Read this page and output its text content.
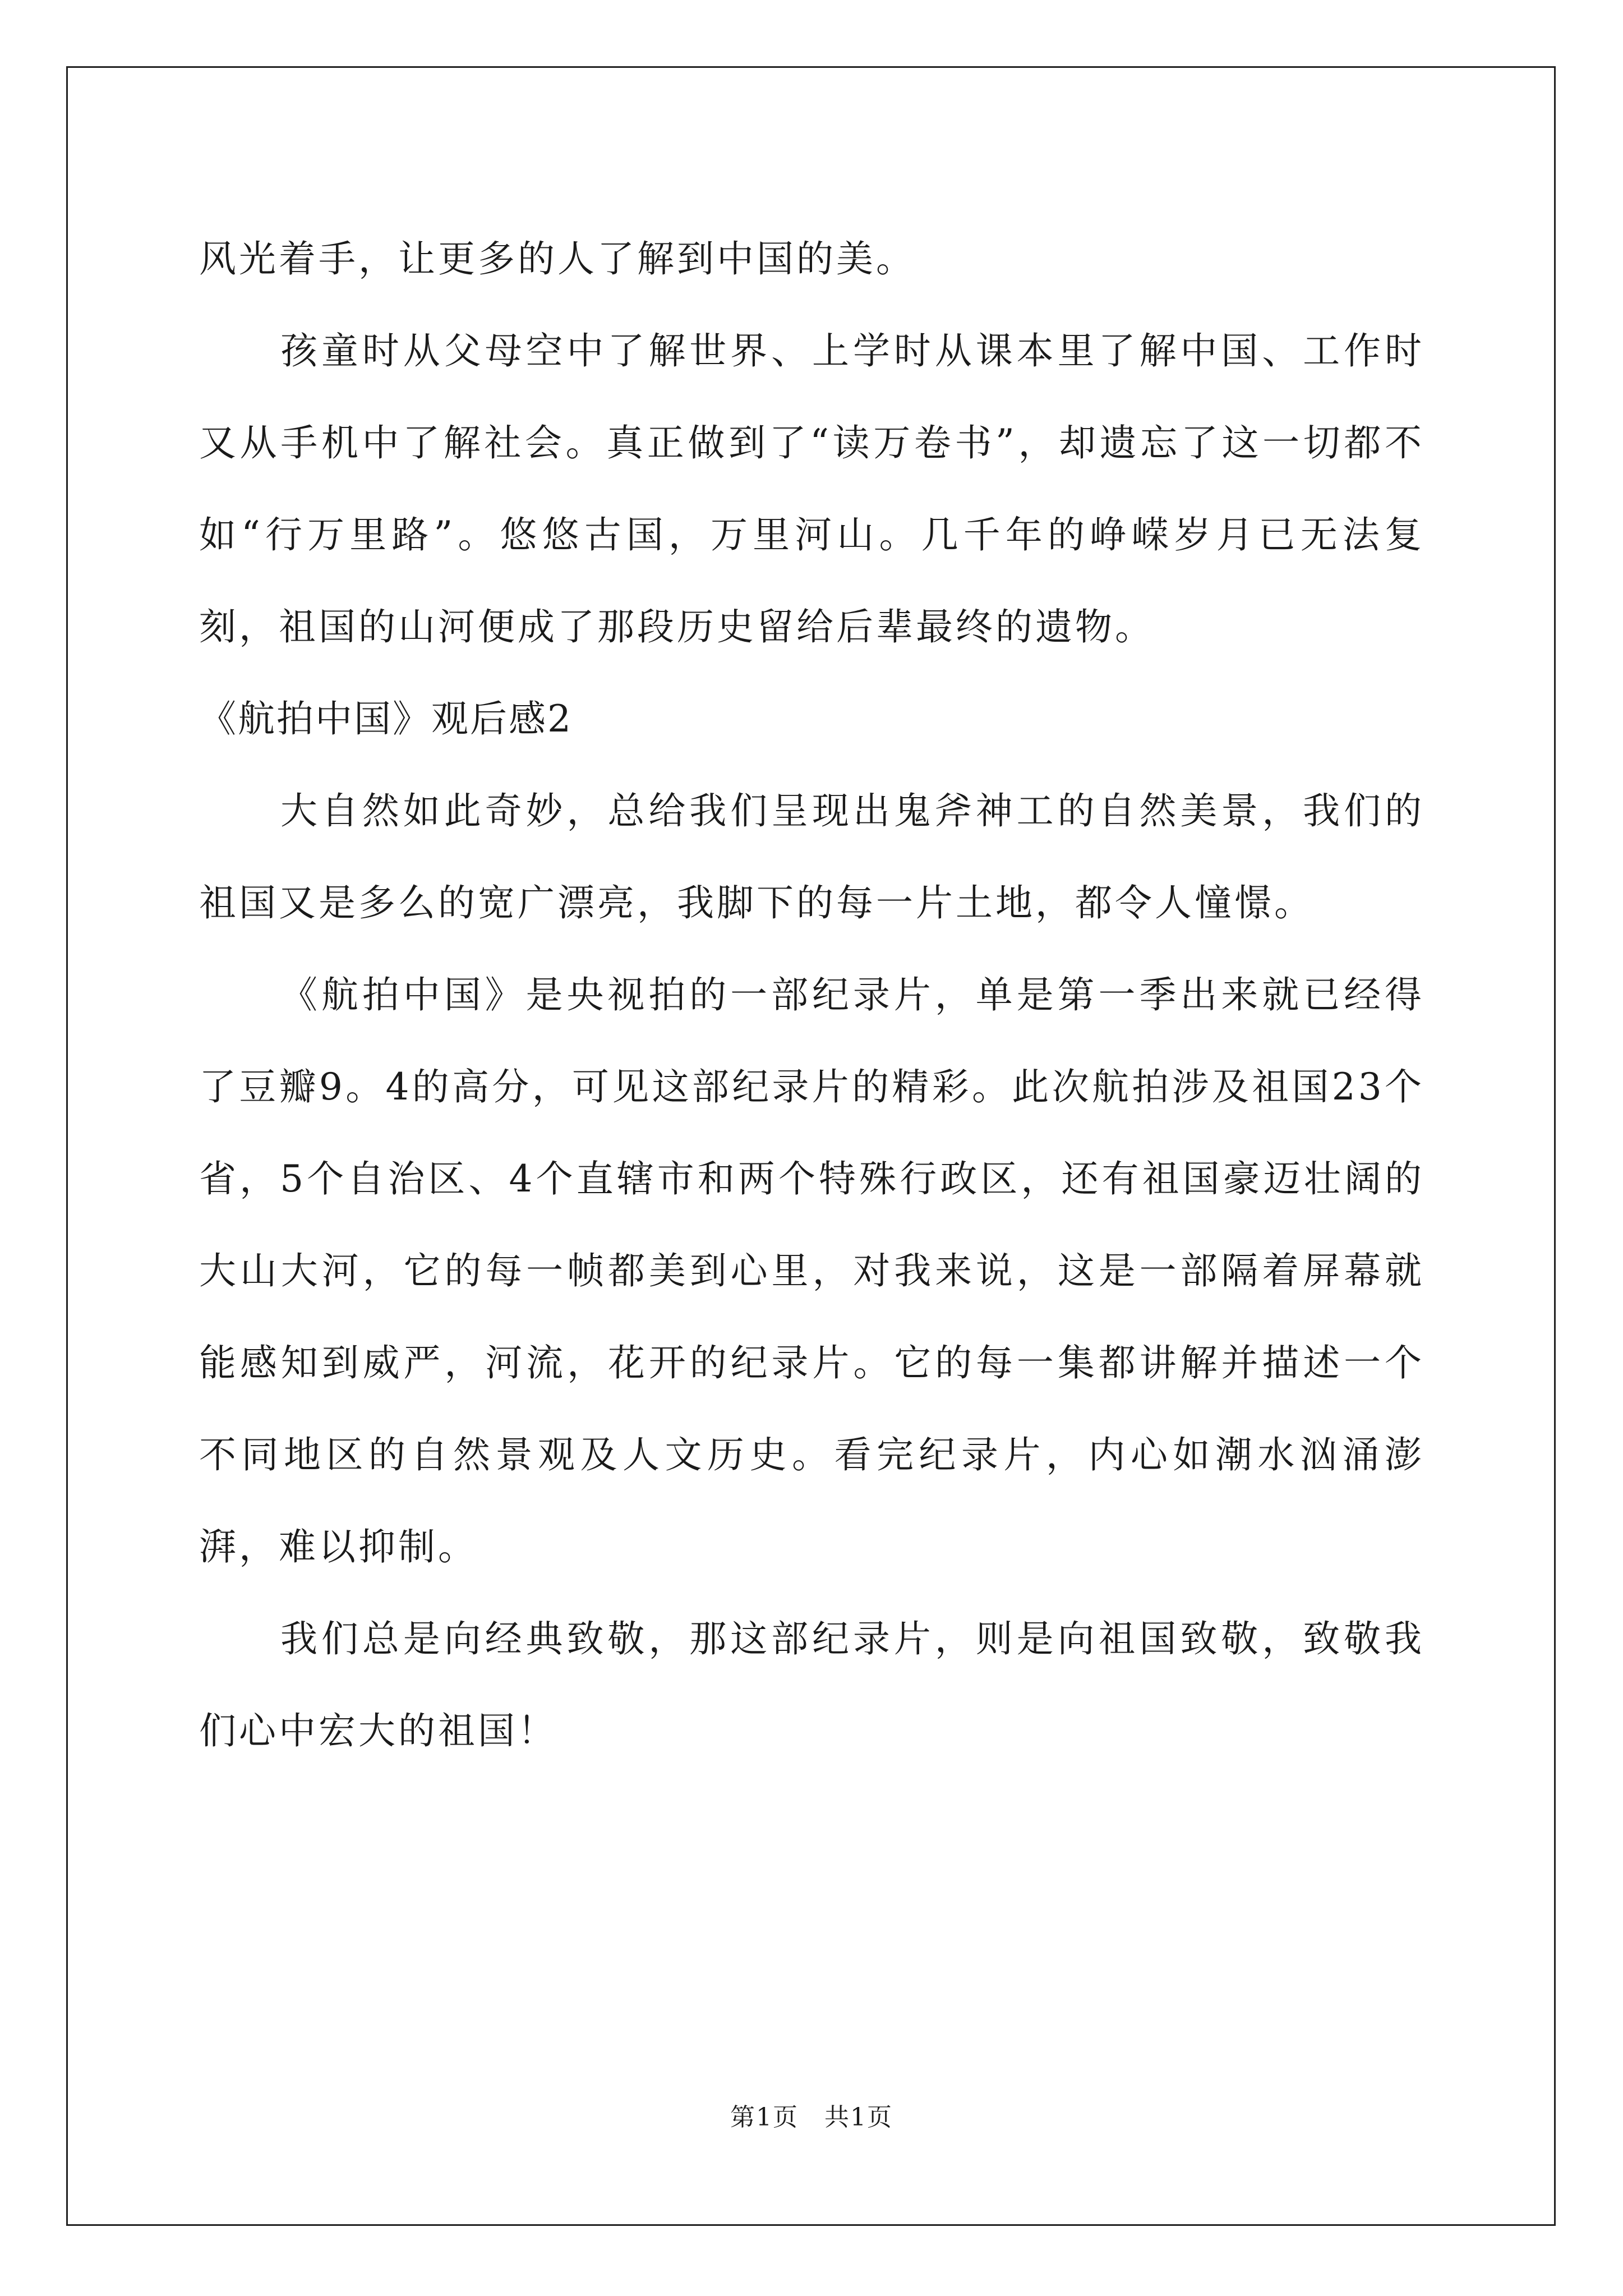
风光着手，让更多的人了解到中国的美。

孩童时从父母空中了解世界、上学时从课本里了解中国、工作时又从手机中了解社会。真正做到了“读万卷书”，却遗忘了这一切都不如“行万里路”。悠悠古国，万里河山。几千年的峥嵘岁月已无法复刻，祖国的山河便成了那段历史留给后辈最终的遗物。

《航拍中国》观后感2

大自然如此奇妙，总给我们呈现出鬼斧神工的自然美景，我们的祖国又是多么的宽广漂亮，我脚下的每一片土地，都令人憧憬。

《航拍中国》是央视拍的一部纪录片，单是第一季出来就已经得了豆瓣9。4的高分，可见这部纪录片的精彩。此次航拍涉及祖国23个省，5个自治区、4个直辖市和两个特殊行政区，还有祖国豪迈壮阔的大山大河，它的每一帧都美到心里，对我来说，这是一部隔着屏幕就能感知到威严，河流，花开的纪录片。它的每一集都讲解并描述一个不同地区的自然景观及人文历史。看完纪录片，内心如潮水汹涌澎湃，难以抑制。

我们总是向经典致敬，那这部纪录片，则是向祖国致敬，致敬我们心中宏大的祖国！

第1页　共1页
